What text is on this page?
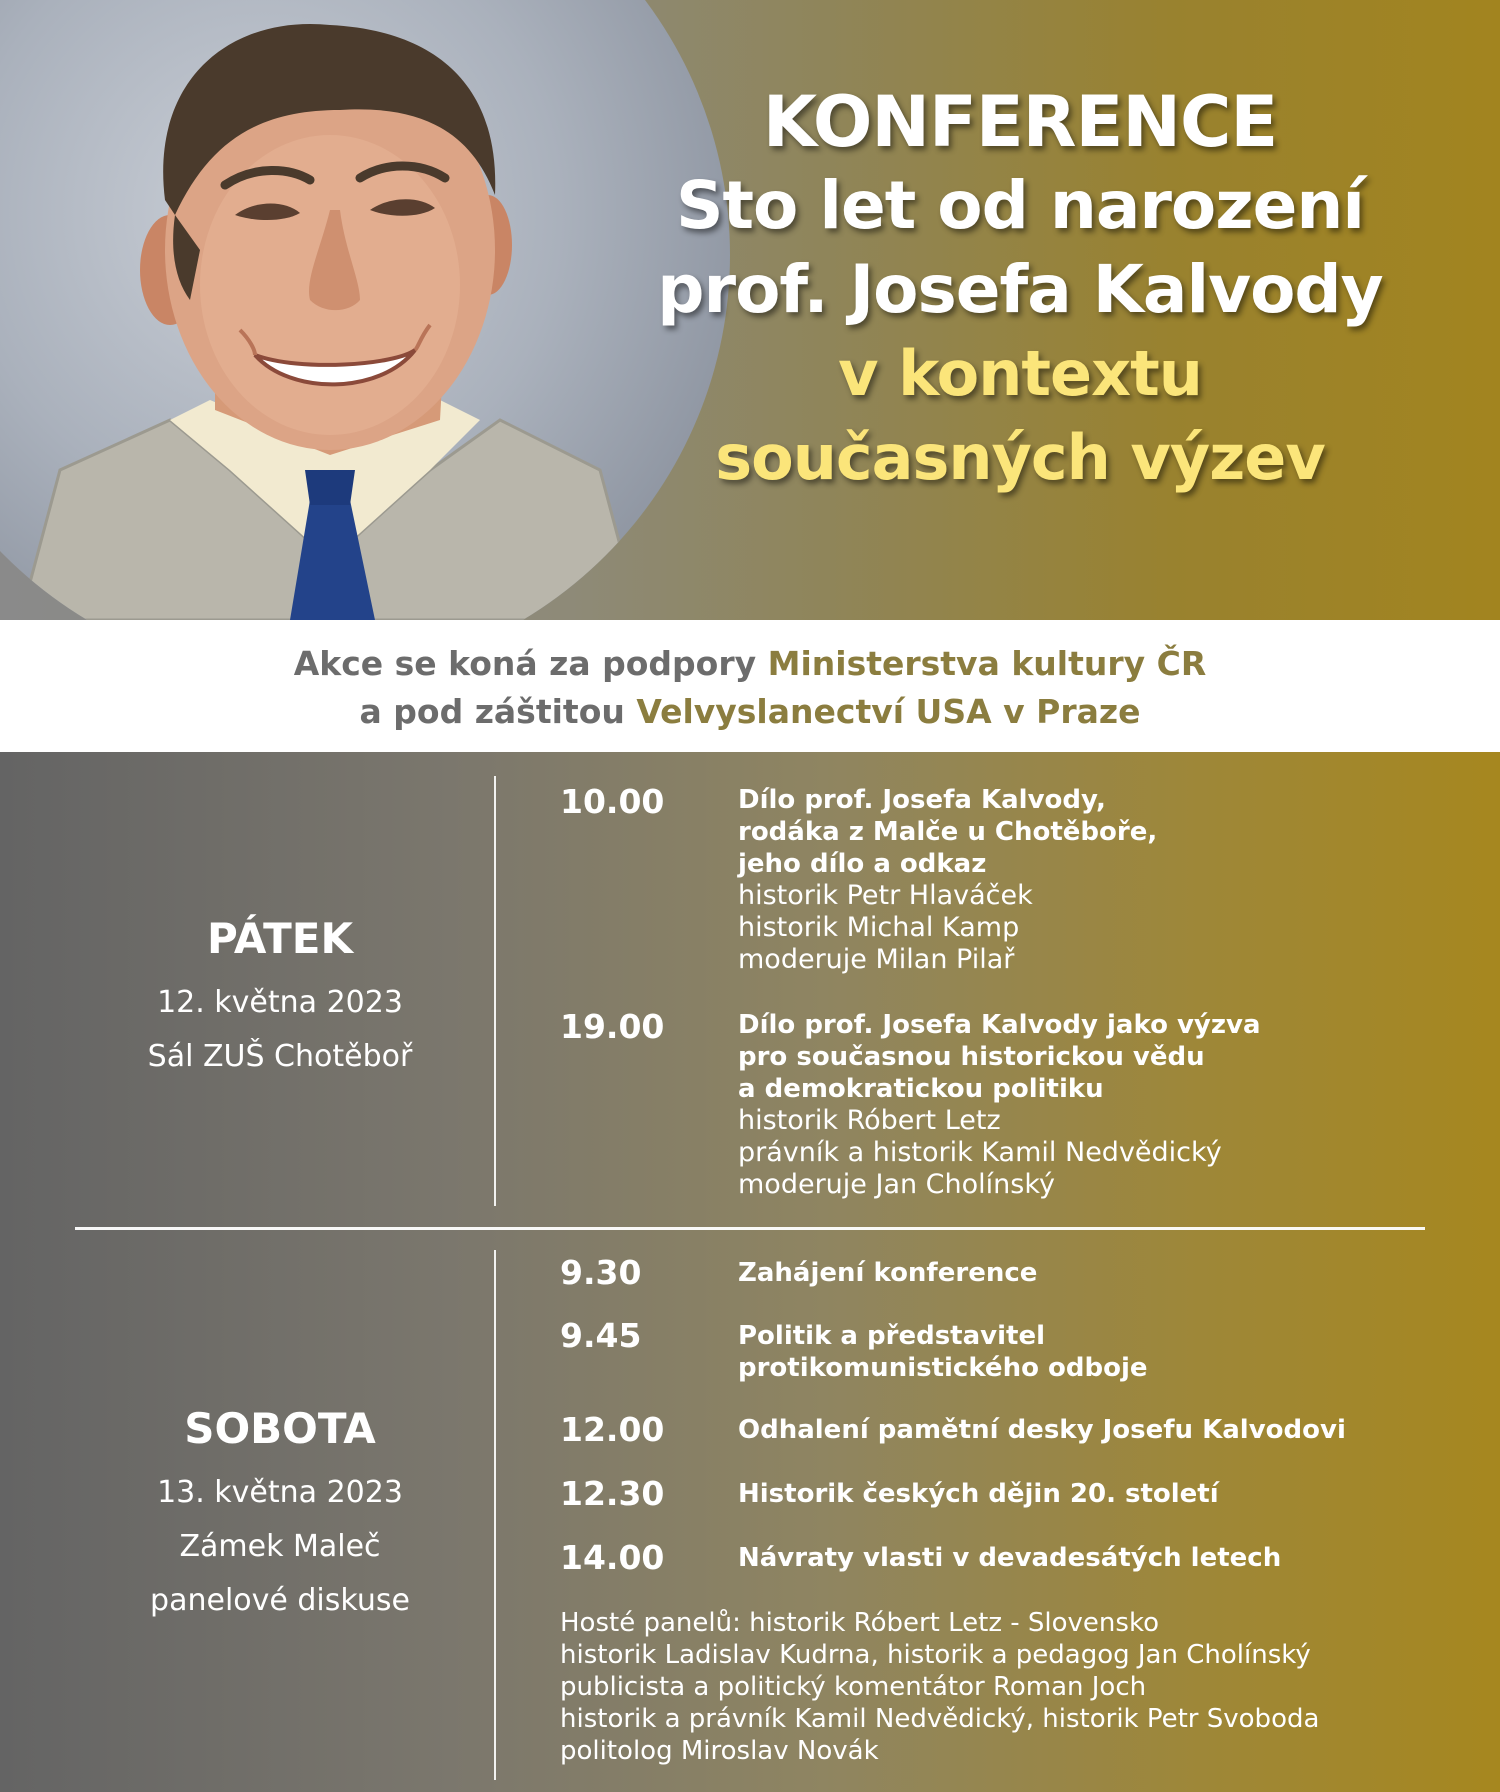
KONFERENCE
Sto let od narození
prof. Josefa Kalvody
v kontextu
současných výzev
Akce se koná za podpory Ministerstva kultury ČR
a pod záštitou Velvyslanectví USA v Praze
PÁTEK
12. května 2023
Sál ZUŠ Chotěboř
10.00	Dílo prof. Josefa Kalvody,
rodáka z Malče u Chotěboře,
jeho dílo a odkaz
historik Petr Hlaváček
historik Michal Kamp
moderuje Milan Pilař
19.00	Dílo prof. Josefa Kalvody jako výzva
pro současnou historickou vědu
a demokratickou politiku
historik Róbert Letz
právník a historik Kamil Nedvědický
moderuje Jan Cholínský
SOBOTA
13. května 2023
Zámek Maleč
panelové diskuse
9.30	Zahájení konference
9.45	Politik a představitel
protikomunistického odboje
12.00	Odhalení pamětní desky Josefu Kalvodovi
12.30	Historik českých dějin 20. století
14.00	Návraty vlasti v devadesátých letech
Hosté panelů: historik Róbert Letz - Slovensko
historik Ladislav Kudrna, historik a pedagog Jan Cholínský
publicista a politický komentátor Roman Joch
historik a právník Kamil Nedvědický, historik Petr Svoboda
politolog Miroslav Novák
